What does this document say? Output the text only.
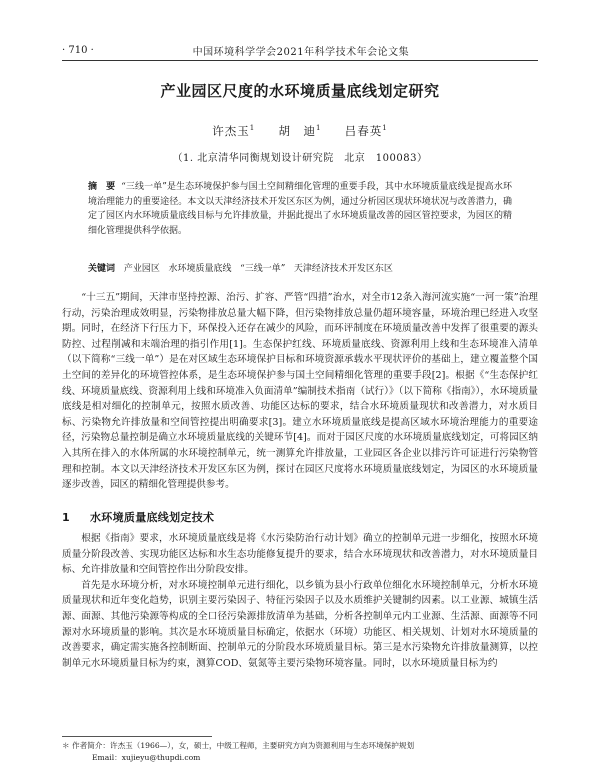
· 710 ·	中国环境科学学会2021年科学技术年会论文集
产业园区尺度的水环境质量底线划定研究
许杰玉$^1$ 胡　迪$^1$ 吕春英$^1$
（1. 北京清华同衡规划设计研究院　北京　100083）
摘　要 “三线一单”是生态环境保护参与国土空间精细化管理的重要手段，其中水环境质量底线是提高水环境治理能力的重要途径。本文以天津经济技术开发区东区为例，通过分析园区现状环境状况与改善潜力，确定了园区内水环境质量底线目标与允许排放量，并据此提出了水环境质量改善的园区管控要求，为园区的精细化管理提供科学依据。
关键词 产业园区 水环境质量底线 “三线一单” 天津经济技术开发区东区

“十三五”期间，天津市坚持控源、治污、扩容、严管“四措”治水，对全市12条入海河流实施“一河一策”治理行动，污染治理成效明显，污染物排放总量大幅下降，但污染物排放总量仍超环境容量，环境治理已经进入攻坚期。同时，在经济下行压力下，环保投入还存在减少的风险，而环评制度在环境质量改善中发挥了很重要的源头防控、过程削减和末端治理的指引作用[1]。生态保护红线、环境质量底线、资源利用上线和生态环境准入清单（以下简称“三线一单”）是在对区域生态环境保护目标和环境资源承载水平现状评价的基础上，建立覆盖整个国土空间的差异化的环境管控体系，是生态环境保护参与国土空间精细化管理的重要手段[2]。根据《“生态保护红线、环境质量底线、资源利用上线和环境准入负面清单”编制技术指南（试行）》（以下简称《指南》），水环境质量底线是相对细化的控制单元，按照水质改善、功能区达标的要求，结合水环境质量现状和改善潜力，对水质目标、污染物允许排放量和空间管控提出明确要求[3]。建立水环境质量底线是提高区域水环境治理能力的重要途径，污染物总量控制是确立水环境质量底线的关键环节[4]。而对于园区尺度的水环境质量底线划定，可将园区纳入其所在排入的水体所属的水环境控制单元，统一测算允许排放量，工业园区各企业以排污许可证进行污染物管理和控制。本文以天津经济技术开发区东区为例，探讨在园区尺度将水环境质量底线划定，为园区的水环境质量逐步改善，园区的精细化管理提供参考。

1 水环境质量底线划定技术

根据《指南》要求，水环境质量底线是将《水污染防治行动计划》确立的控制单元进一步细化，按照水环境质量分阶段改善、实现功能区达标和水生态功能修复提升的要求，结合水环境现状和改善潜力，对水环境质量目标、允许排放量和空间管控作出分阶段安排。

首先是水环境分析，对水环境控制单元进行细化，以乡镇为县小行政单位细化水环境控制单元，分析水环境质量现状和近年变化趋势，识别主要污染因子、特征污染因子以及水质维护关键制约因素。以工业源、城镇生活源、面源、其他污染源等构成的全口径污染源排放清单为基础，分析各控制单元内工业源、生活源、面源等不同源对水环境质量的影响。其次是水环境质量目标确定，依据水（环境）功能区、相关规划、计划对水环境质量的改善要求，确定需实施各控制断面、控制单元的分阶段水环境质量目标。第三是水污染物允许排放量测算，以控制单元水环境质量目标为约束，测算COD、氨氮等主要污染物环境容量。同时，以水环境质量目标为约

＊ 作者简介：许杰玉（1966—），女，硕士，中级工程师，主要研究方向为资源利用与生态环境保护规划
Email：xujieyu@thupdi.com
